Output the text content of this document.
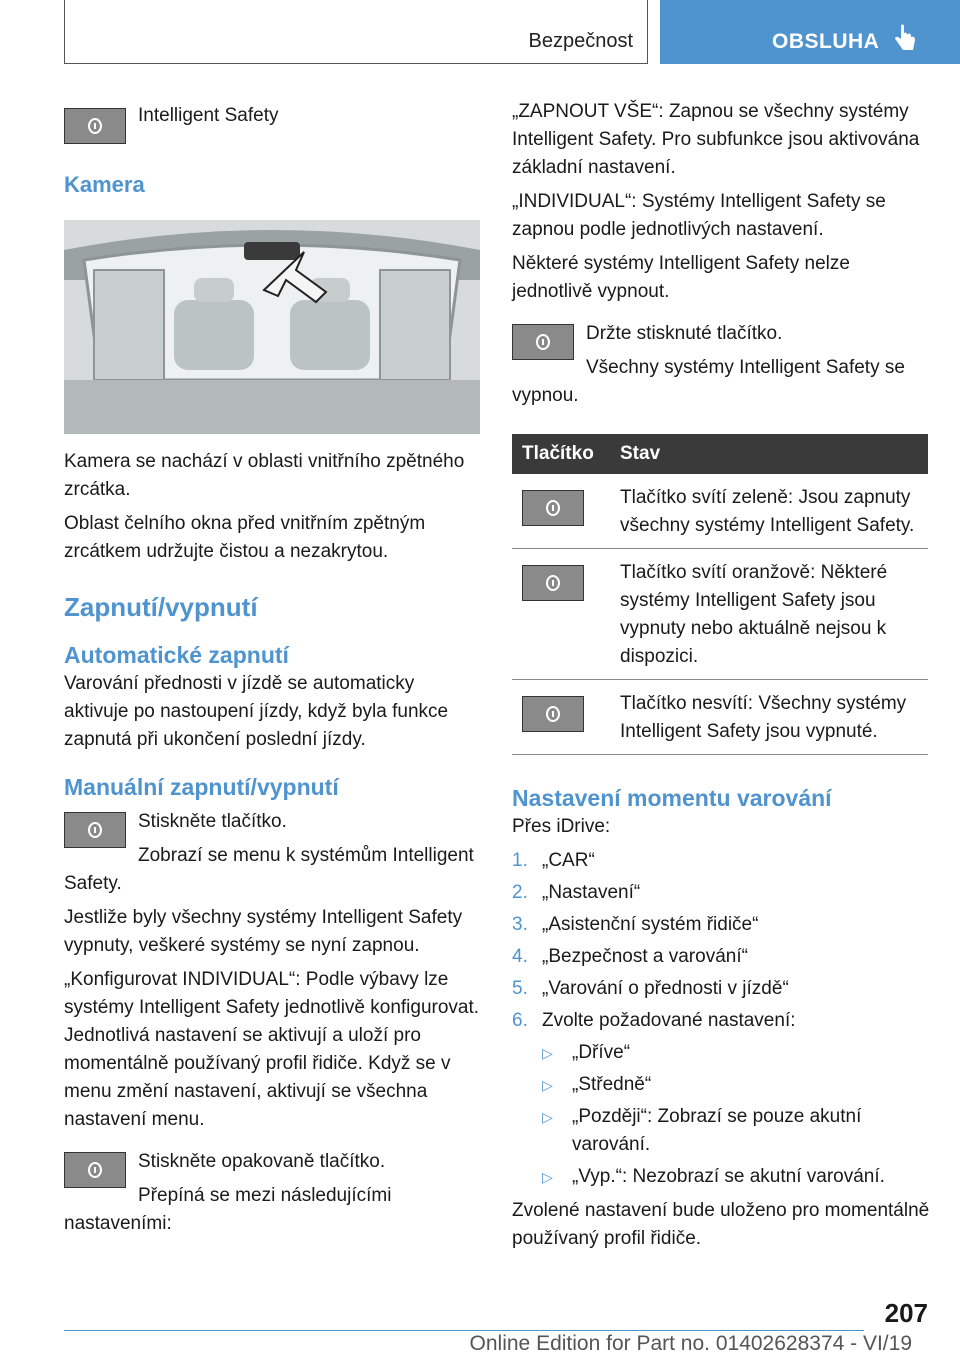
Bezpečnost	OBSLUHA

Intelligent Safety

Kamera

Kamera se nachází v oblasti vnitřního zpětného zrcátka.

Oblast čelního okna před vnitřním zpětným zrcátkem udržujte čistou a nezakrytou.

Zapnutí/vypnutí
Automatické zapnutí

Varování přednosti v jízdě se automaticky aktivuje po nastoupení jízdy, když byla funkce zapnutá při ukončení poslední jízdy.

Manuální zapnutí/vypnutí

Stiskněte tlačítko.

Zobrazí se menu k systémům Intelligent Safety.

Jestliže byly všechny systémy Intelligent Safety vypnuty, veškeré systémy se nyní zapnou.

„Konfigurovat INDIVIDUAL“: Podle výbavy lze systémy Intelligent Safety jednotlivě konfigurovat. Jednotlivá nastavení se aktivují a uloží pro momentálně používaný profil řidiče. Když se v menu změní nastavení, aktivují se všechna nastavení menu.

Stiskněte opakovaně tlačítko.

Přepíná se mezi následujícími nastaveními:

„ZAPNOUT VŠE“: Zapnou se všechny systémy Intelligent Safety. Pro subfunkce jsou aktivována základní nastavení.

„INDIVIDUAL“: Systémy Intelligent Safety se zapnou podle jednotlivých nastavení.

Některé systémy Intelligent Safety nelze jednotlivě vypnout.

Držte stisknuté tlačítko.

Všechny systémy Intelligent Safety se vypnou.

Tlačítko	Stav
	Tlačítko svítí zeleně: Jsou zapnuty všechny systémy Intelligent Safety.
	Tlačítko svítí oranžově: Některé systémy Intelligent Safety jsou vypnuty nebo aktuálně nejsou k dispozici.
	Tlačítko nesvítí: Všechny systémy Intelligent Safety jsou vypnuté.
Nastavení momentu varování

Přes iDrive:

1. „CAR“
2. „Nastavení“
3. „Asistenční systém řidiče“
4. „Bezpečnost a varování“
5. „Varování o přednosti v jízdě“
6. Zvolte požadované nastavení:
▷	„Dříve“
▷	„Středně“
▷	„Později“: Zobrazí se pouze akutní varování.
▷	„Vyp.“: Nezobrazí se akutní varování.

Zvolené nastavení bude uloženo pro momentálně používaný profil řidiče.

207
Online Edition for Part no. 01402628374 - VI/19
